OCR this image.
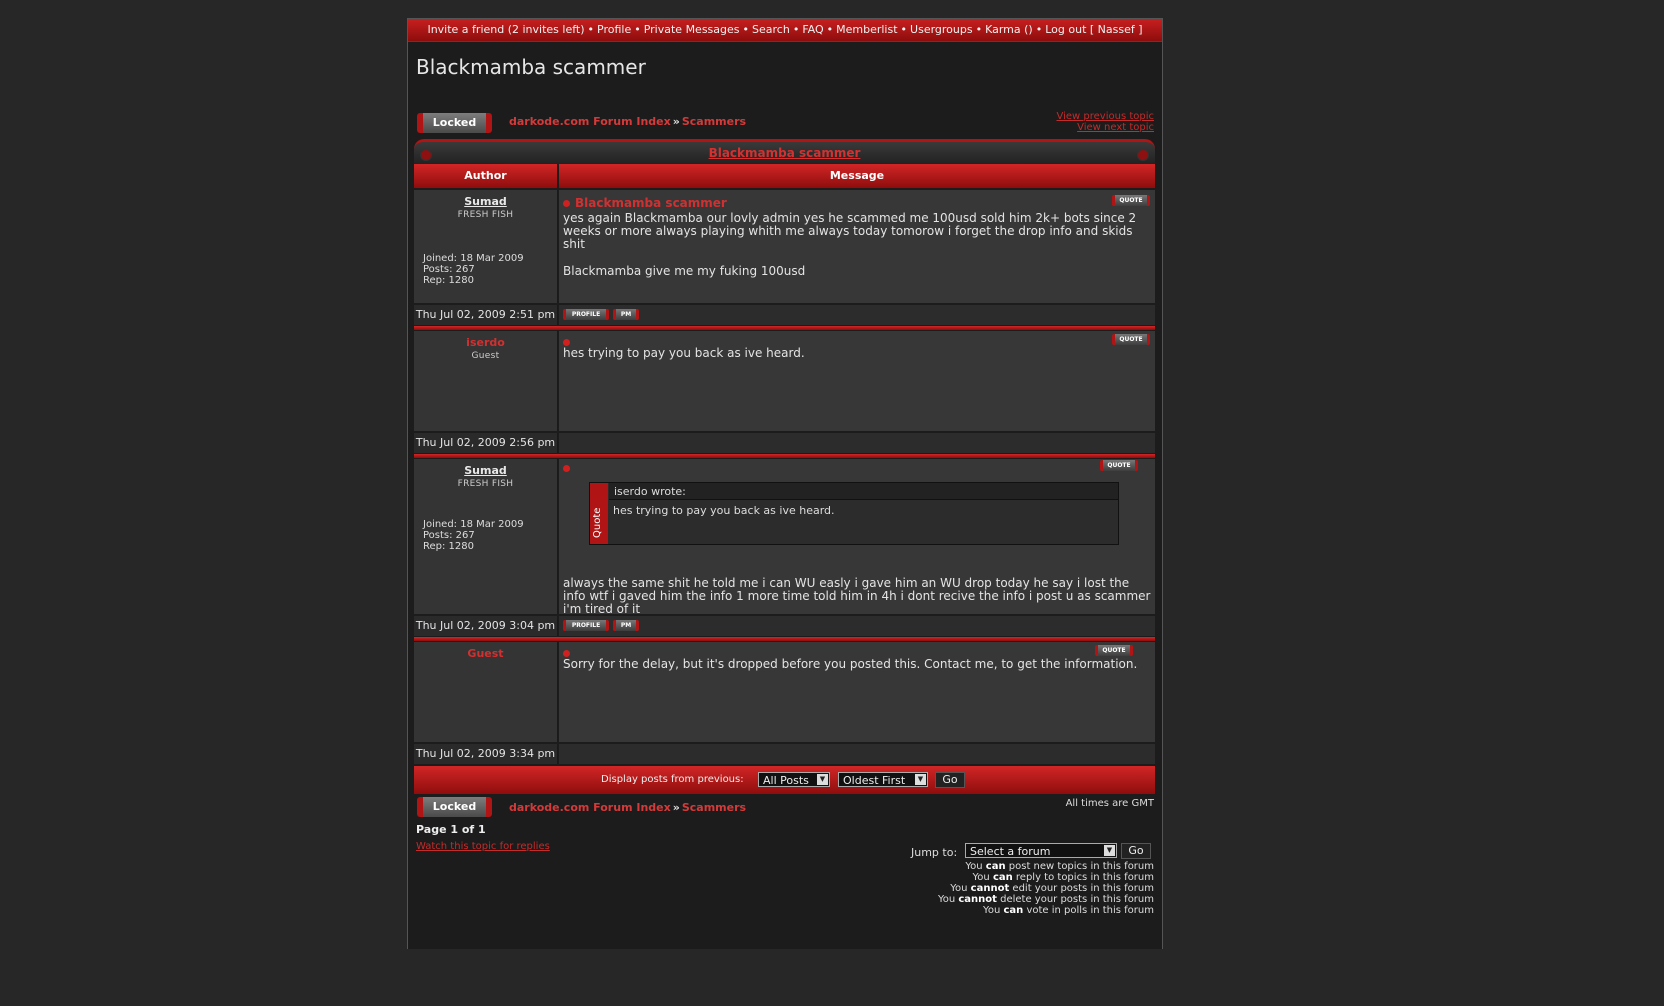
Invite a friend (2 invites left) • Profile • Private Messages • Search • FAQ • Memberlist • Usergroups • Karma () • Log out [ Nassef ]
Blackmamba scammer
Locked	darkode.com Forum Index » Scammers	View previous topic
View next topic
Blackmamba scammer
Author	Message
Sumad
FRESH FISH
Joined: 18 Mar 2009
Posts: 267
Rep: 1280
Blackmamba scammer	QUOTE
yes again Blackmamba our lovly admin yes he scammed me 100usd sold him 2k+ bots since 2 weeks or more always playing whith me always today tomorow i forget the drop info and skids shit
Blackmamba give me my fuking 100usd
Thu Jul 02, 2009 2:51 pm	PROFILE	PM
iserdo
Guest
QUOTE
hes trying to pay you back as ive heard.
Thu Jul 02, 2009 2:56 pm
Sumad
FRESH FISH
Joined: 18 Mar 2009
Posts: 267
Rep: 1280
QUOTE
Quote
iserdo wrote:
hes trying to pay you back as ive heard.
always the same shit he told me i can WU easly i gave him an WU drop today he say i lost the info wtf i gaved him the info 1 more time told him in 4h i dont recive the info i post u as scammer i'm tired of it
Thu Jul 02, 2009 3:04 pm	PROFILE	PM
Guest	QUOTE
Sorry for the delay, but it's dropped before you posted this. Contact me, to get the information.
Thu Jul 02, 2009 3:34 pm
Display posts from previous:	All Posts	▼	Oldest First	▼	Go
Locked	darkode.com Forum Index » Scammers	All times are GMT
Page 1 of 1
Watch this topic for replies	Jump to:	Select a forum	▼	Go
You can post new topics in this forum
You can reply to topics in this forum
You cannot edit your posts in this forum
You cannot delete your posts in this forum
You can vote in polls in this forum
